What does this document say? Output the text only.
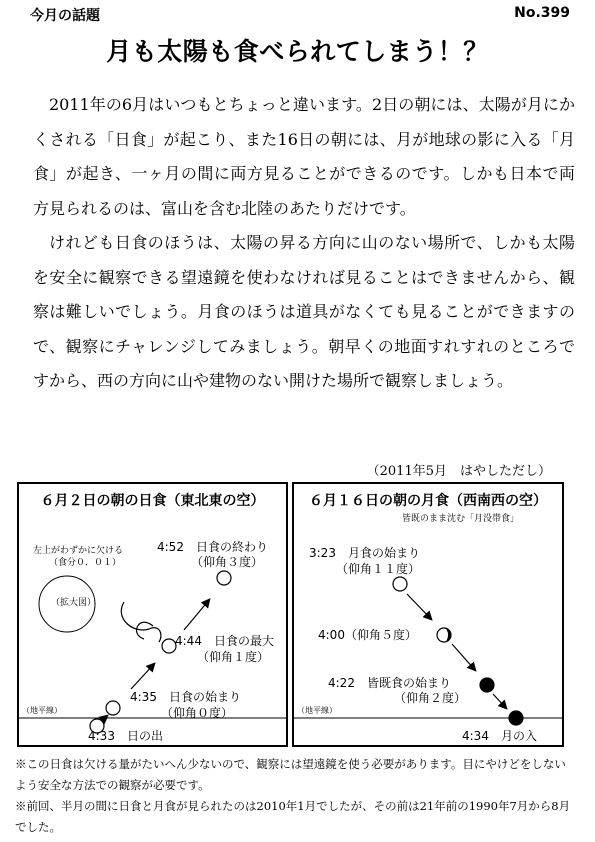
今月の話題	No.399
月も太陽も食べられてしまう！？

2011年の6月はいつもとちょっと違います。2日の朝には、太陽が月にかくされる「日食」が起こり、また16日の朝には、月が地球の影に入る「月食」が起き、一ヶ月の間に両方見ることができるのです。しかも日本で両方見られるのは、富山を含む北陸のあたりだけです。

けれども日食のほうは、太陽の昇る方向に山のない場所で、しかも太陽を安全に観察できる望遠鏡を使わなければ見ることはできませんから、観察は難しいでしょう。月食のほうは道具がなくても見ることができますので、観察にチャレンジしてみましょう。朝早くの地面すれすれのところですから、西の方向に山や建物のない開けた場所で観察しましょう。

（2011年5月　はやしただし）
６月２日の朝の日食（東北東の空）
（地平線）
左上がわずかに欠ける
（食分０．０１）
（拡大図）
4:52　日食の終わり
（仰角３度）
4:44　日食の最大
（仰角１度）
4:35　日食の始まり
（仰角０度）
4:33　日の出
６月１６日の朝の月食（西南西の空）
皆既のまま沈む「月没帯食」
（地平線）
3:23　月食の始まり
（仰角１１度）
4:00（仰角５度）
4:22　皆既食の始まり
（仰角２度）
4:34　月の入

※この日食は欠ける量がたいへん少ないので、観察には望遠鏡を使う必要があります。目にやけどをしないよう安全な方法での観察が必要です。

※前回、半月の間に日食と月食が見られたのは2010年1月でしたが、その前は21年前の1990年7月から8月でした。
